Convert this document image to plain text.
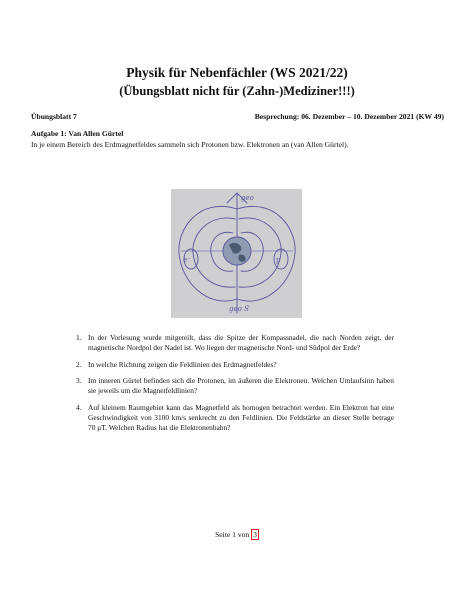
Physik für Nebenfächler (WS 2021/22)
(Übungsblatt nicht für (Zahn-)Mediziner!!!)
Übungsblatt 7	Besprechung: 06. Dezember – 10. Dezember 2021 (KW 49)
Aufgabe 1: Van Allen Gürtel
In je einem Bereich des Erdmagnetfeldes sammeln sich Protonen bzw. Elektronen an (van Allen Gürtel).
geo
geo S
e⁻	p
1. In der Vorlesung wurde mitgeteilt, dass die Spitze der Kompassnadel, die nach Norden zeigt, der magnetische Nordpol der Nadel ist. Wo liegen der magnetische Nord- und Südpol der Erde?
2. In welche Richtung zeigen die Feldlinien des Erdmagnetfeldes?
3. Im inneren Gürtel befinden sich die Protonen, im äußeren die Elektronen. Welchen Umlaufsinn haben sie jeweils um die Magnetfeldlinien?
4. Auf kleinem Raumgebiet kann das Magnetfeld als homogen betrachtet werden. Ein Elektron hat eine Geschwindigkeit von 3100 km/s senkrecht zu den Feldlinien. Die Feldstärke an dieser Stelle betrage 70 μT. Welchen Radius hat die Elektronenbahn?
Seite 1 von 3
